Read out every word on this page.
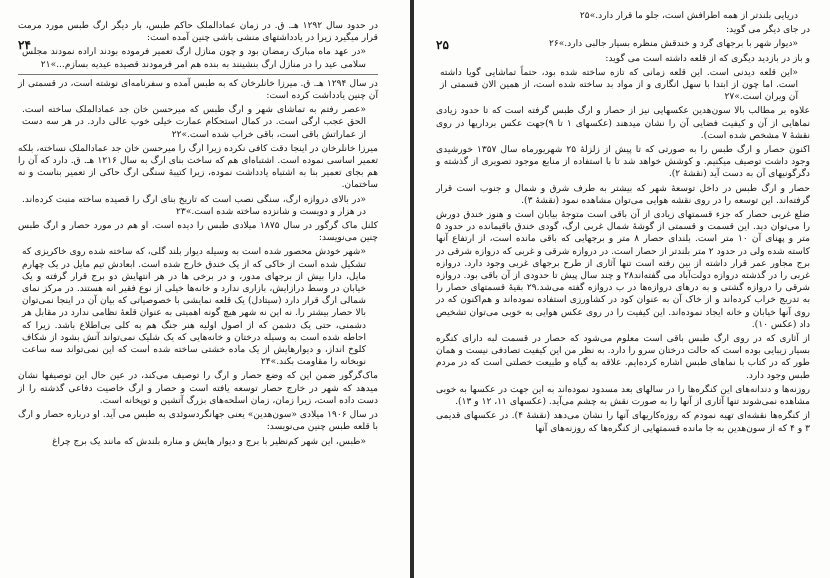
۲۴

در حدود سال ۱۲۹۲ هـ. ق. در زمان عمادالملک حاکم طبس، بار دیگر ارگ طبس مورد مرمت قرار میگیرد زیرا در یادداشتهای منشی باشی چنین آمده است:

«در عهد ماه مبارک رمضان بود و چون منازل ارگ تعمیر فرموده بودند اراده نمودند مجلس سلامی عید را در منازل ارگ بنشینند به بنده هم امر فرمودند قصیده عیدیه بسازم...»۲۱

در سال ۱۲۹۴ هـ. ق. میرزا خانلرخان که به طبس آمده و سفرنامه‌ای نوشته است، در قسمتی از آن چنین یادداشت کرده است:

«عصر رفتم به تماشای شهر و ارگ طبس که میرحسن خان جد عمادالملک ساخته است. الحق عجب ارگی است. در کمال استحکام عمارت خیلی خوب عالی دارد. در هر سه دست از عماراتش باقی است، باقی خراب شده است.»۲۲

میرزا خانلرخان در اینجا دقت کافی نکرده زیرا ارگ را میرحسن خان جد عمادالملک نساخته، بلکه تعمیر اساسی نموده است. اشتباه‌ای هم که ساخت بنای ارگ به سال ۱۲۱۶ هـ. ق. دارد که آن را هم بجای تعمیر بنا به اشتباه یادداشت نموده، زیرا کتیبهٔ سنگی ارگ حاکی از تعمیر بناست و نه ساختمان.

«در بالای دروازه ارگ، سنگی نصب است که تاریخ بنای ارگ را قصیده ساخته منبت کرده‌اند. در هزار و دویست و شانزده ساخته شده است.»۲۳

کلنل ماک گرگور در سال ۱۸۷۵ میلادی طبس را دیده است. او هم در مورد حصار و ارگ طبس چنین می‌نویسد:

«شهر خودش محصور شده است به وسیله دیوار بلند گلی، که ساخته شده روی خاکریزی که تشکیل شده است از خاکی که از یک خندق خارج شده است. ابعادش تیم مایل در یک چهارم مایل، دارا بیش از برجهای مدور، و در برخی ها در هر انتهایش دو برج قرار گرفته و یک خیابان در وسط درازایش، بازاری ندارد و خانه‌ها خیلی از نوع فقیر انه هستند. در مرکز نمای شمالی ارگ قرار دارد (سیتادل) یک قلعه نمایشی با خصوصیاتی که بیان آن در اینجا نمی‌توان بالا حصار بیشتر را. نه این نه شهر هیچ گونه اهمیتی به عنوان قلعهٔ نظامی ندارد در مقابل هر دشمنی، حتی یک دشمن که از اصول اولیه هنر جنگ هم به کلی بی‌اطلاع باشد. زیرا که احاطه شده است به وسیله درختان و خانه‌هایی که یک شلیک نمی‌تواند آتش بشود از شکاف کلوخ انداز، و دیوارهایش از یک ماده خشتی ساخته شده است که این نمی‌تواند سه ساعت نوبخانه را مقاومت بکند.»۲۴

ماک‌گرگور ضمن این که وضع حصار و ارگ را توصیف می‌کند، در عین حال این توصیفها نشان میدهد که شهر در خارج حصار توسعه یافته است و حصار و ارگ خاصیت دفاعی گذشته را از دست داده است، زیرا زمان، زمان اسلحه‌های بزرگ آتشین و توپخانه است.

در سال ۱۹۰۶ میلادی «سون‌هدین» یعنی جهانگردسوئدی به طبس می آید. او درباره حصار و ارگ با قلعه طبس چنین می‌نویسد:

«طبس، این شهر کم‌نظیر با برج و دیوار هایش و مناره بلندش که مانند یک برج چراغ

۲۵

دریایی بلندتر از همه اطرافش است، جلو ما قرار دارد.»۲۵

در جای دیگر می گوید:

«دیوار شهر با برجهای گرد و خندقش منظره بسیار جالبی دارد.»۲۶

و باز در بازدید دیگری که از قلعه داشته است می گوید:

«این قلعه دیدنی است. این قلعه زمانی که تازه ساخته شده بود، حتماً تماشایی گویا داشته است. اما چون از ابتدا با سهل انگاری و از مواد بد ساخته شده است، از همین الان قسمتی از آن ویران است.»۲۷

علاوه بر مطالب بالا سون‌هدین عکسهایی نیز از حصار و ارگ طبس گرفته است که تا حدود زیادی نماهایی از آن و کیفیت فضایی آن را نشان میدهند (عکسهای ۱ تا ۹)جهت عکس برداریها در روی نقشهٔ ۷ مشخص شده است).

اکنون حصار و ارگ طبس را به صورتی که تا پیش از زلزلهٔ ۲۵ شهریورماه سال ۱۳۵۷ خورشیدی وجود داشت توصیف میکنیم. و کوشش خواهد شد تا با استفاده از منابع موجود تصویری از گذشته و دگرگونیهای آن به دست آید (نقشهٔ ۲).

حصار و ارگ طبس در داخل توسعهٔ شهر که بیشتر به طرف شرق و شمال و جنوب است قرار گرفته‌اند. این توسعه را در روی نقشه هوایی می‌توان مشاهده نمود (نقشهٔ ۳).

ضلع غربی حصار که جزء قسمتهای زیادی از آن باقی است متوجهٔ بیابان است و هنوز خندق دورش را می‌توان دید. این قسمت و قسمتی از گوشهٔ شمال غربی ارگ، گودی خندق باقیمانده در حدود ۵ متر و پهنای آن ۱۰ متر است. بلندای حصار ۸ متر و برجهایی که باقی مانده است، از ارتفاع آنها کاسته شده ولی در حدود ۲ متر بلندتر از حصار است. در دروازه شرقی و غربی که دروازه شرقی در برج مجاور عمر قرار داشته از بین رفته است تنها آثاری از طرح برجهای غربی وجود دارد. دروازه غربی را در گذشته دروازه دولت‌آباد می گفته‌اند۲۸ و چند سال پیش تا حدودی از آن باقی بود. دروازه شرقی را دروازه گشتی و به درهای دروازه‌ها در ب دروازه گفته می‌شد.۲۹ بقیهٔ قسمتهای حصار را به تدریج خراب کرده‌اند و از خاک آن به عنوان کود در کشاورزی استفاده نموده‌اند و هم‌اکنون که در روی آنها خیابان و خانه ایجاد نموده‌اند. این کیفیت را در روی عکس هوایی به خوبی می‌توان تشخیص داد (عکس ۱۰).

از آثاری که در روی ارگ طبس باقی است معلوم می‌شود که حصار در قسمت لبه دارای کنگره بسیار زیبایی بوده است که حالت درختان سرو را دارد. به نظر من این کیفیت تصادفی نیست و همان طور که در کتاب با نماهای طبس اشاره کرده‌ایم. علاقه به گیاه و طبیعت خصلتی است که در مردم طبس وجود دارد.

روزنه‌ها و دندانه‌های این کنگره‌ها را در سالهای بعد مسدود نموده‌اند به این جهت در عکسها به خوبی مشاهده نمی‌شوند تنها آثاری از آنها را به صورت نقش به چشم می‌آید. (عکسهای ۱۱، ۱۲ و ۱۳).

از کنگره‌ها نقشه‌ای تهیه نمودم که روزه‌کاریهای آنها را نشان می‌دهد (نقشهٔ ۴). در عکسهای قدیمی ۳ و ۴ که از سون‌هدین به جا مانده قسمتهایی از کنگره‌ها که روزنه‌های آنها
